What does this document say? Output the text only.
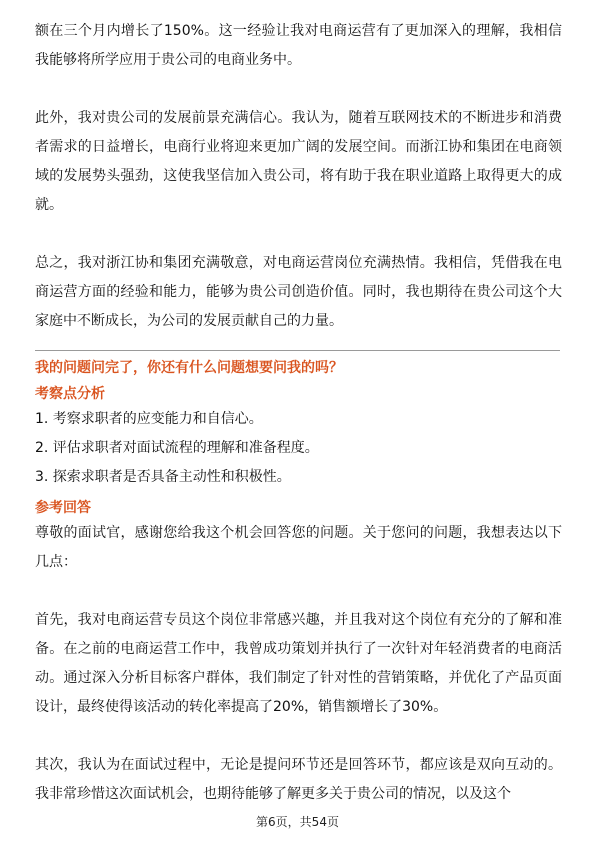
额在三个月内增长了150%。这一经验让我对电商运营有了更加深入的理解，我相信我能够将所学应用于贵公司的电商业务中。

此外，我对贵公司的发展前景充满信心。我认为，随着互联网技术的不断进步和消费者需求的日益增长，电商行业将迎来更加广阔的发展空间。而浙江协和集团在电商领域的发展势头强劲，这使我坚信加入贵公司，将有助于我在职业道路上取得更大的成就。

总之，我对浙江协和集团充满敬意，对电商运营岗位充满热情。我相信，凭借我在电商运营方面的经验和能力，能够为贵公司创造价值。同时，我也期待在贵公司这个大家庭中不断成长，为公司的发展贡献自己的力量。

我的问题问完了，你还有什么问题想要问我的吗？

考察点分析

1. 考察求职者的应变能力和自信心。

2. 评估求职者对面试流程的理解和准备程度。

3. 探索求职者是否具备主动性和积极性。

参考回答

尊敬的面试官，感谢您给我这个机会回答您的问题。关于您问的问题，我想表达以下几点：

首先，我对电商运营专员这个岗位非常感兴趣，并且我对这个岗位有充分的了解和准备。在之前的电商运营工作中，我曾成功策划并执行了一次针对年轻消费者的电商活动。通过深入分析目标客户群体，我们制定了针对性的营销策略，并优化了产品页面设计，最终使得该活动的转化率提高了20%，销售额增长了30%。

其次，我认为在面试过程中，无论是提问环节还是回答环节，都应该是双向互动的。我非常珍惜这次面试机会，也期待能够了解更多关于贵公司的情况，以及这个

第6页，共54页
